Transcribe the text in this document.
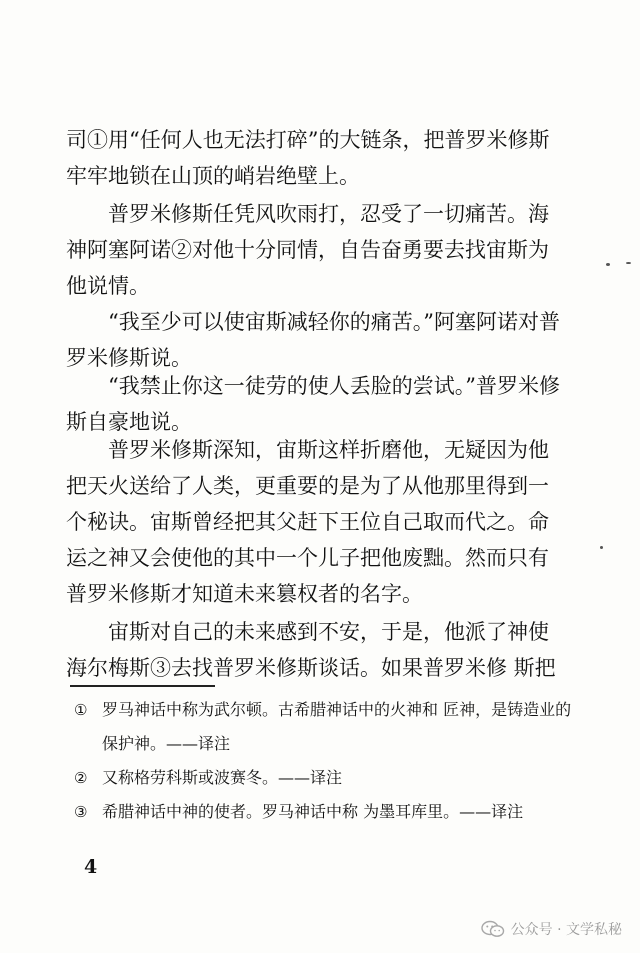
司①用“任何人也无法打碎”的大链条，把普罗米修斯牢牢地锁在山顶的峭岩绝壁上。

普罗米修斯任凭风吹雨打，忍受了一切痛苦。海神阿塞阿诺②对他十分同情，自告奋勇要去找宙斯为他说情。

“我至少可以使宙斯减轻你的痛苦。”阿塞阿诺对普罗米修斯说。

“我禁止你这一徒劳的使人丢脸的尝试。”普罗米修斯自豪地说。

普罗米修斯深知，宙斯这样折磨他，无疑因为他把天火送给了人类，更重要的是为了从他那里得到一个秘诀。宙斯曾经把其父赶下王位自己取而代之。命运之神又会使他的其中一个儿子把他废黜。然而只有普罗米修斯才知道未来篡权者的名字。

宙斯对自己的未来感到不安，于是，他派了神使海尔梅斯③去找普罗米修斯谈话。如果普罗米修 斯把

① 罗马神话中称为武尔顿。古希腊神话中的火神和 匠神，是铸造业的保护神。——译注

② 又称格劳科斯或波赛冬。——译注

③ 希腊神话中神的使者。罗马神话中称 为墨耳库里。——译注

4
公众号 · 文学私秘
